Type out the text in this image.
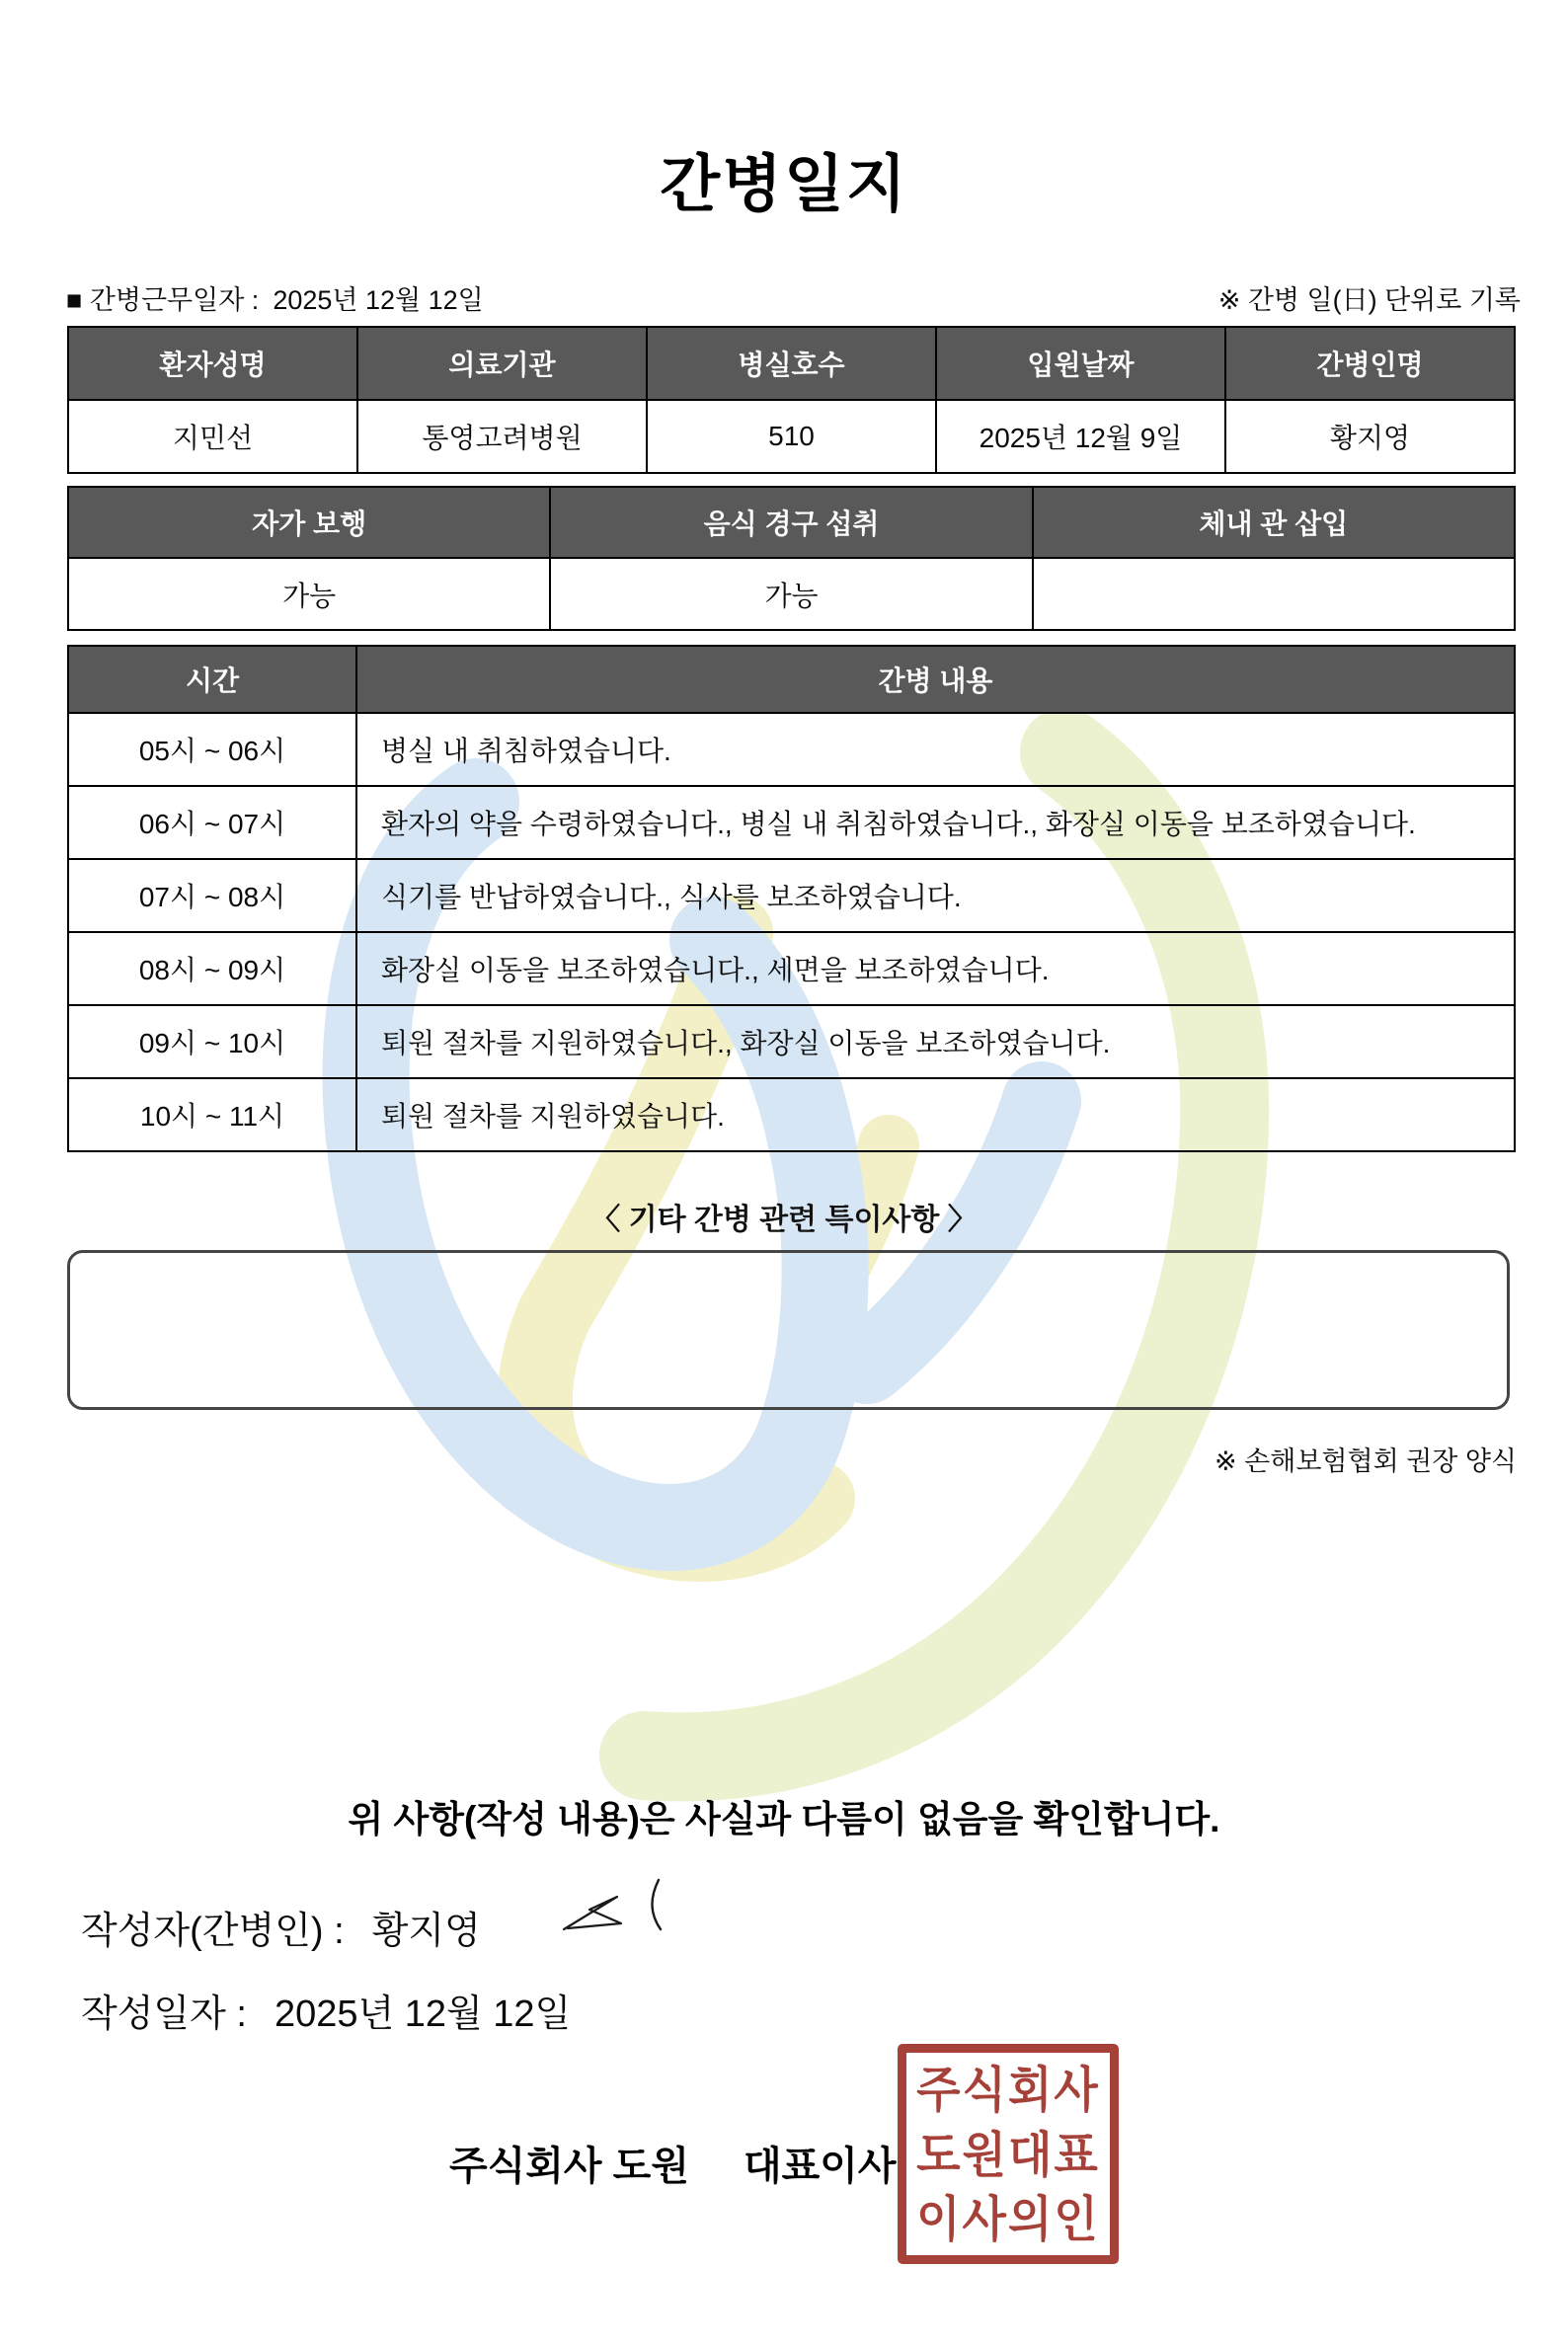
간병일지
■ 간병근무일자 : 2025년 12월 12일	※ 간병 일(日) 단위로 기록
환자성명	의료기관	병실호수	입원날짜	간병인명
지민선	통영고려병원	510	2025년 12월 9일	황지영
자가 보행	음식 경구 섭취	체내 관 삽입
가능	가능	
시간	간병 내용
05시 ~ 06시	병실 내 취침하였습니다.
06시 ~ 07시	환자의 약을 수령하였습니다., 병실 내 취침하였습니다., 화장실 이동을 보조하였습니다.
07시 ~ 08시	식기를 반납하였습니다., 식사를 보조하였습니다.
08시 ~ 09시	화장실 이동을 보조하였습니다., 세면을 보조하였습니다.
09시 ~ 10시	퇴원 절차를 지원하였습니다., 화장실 이동을 보조하였습니다.
10시 ~ 11시	퇴원 절차를 지원하였습니다.
〈 기타 간병 관련 특이사항 〉
※ 손해보험협회 권장 양식
위 사항(작성 내용)은 사실과 다름이 없음을 확인합니다.
작성자(간병인) : 황지영
작성일자 : 2025년 12월 12일
주식회사 도원 대표이사
주식회사
도원대표
이사의인
